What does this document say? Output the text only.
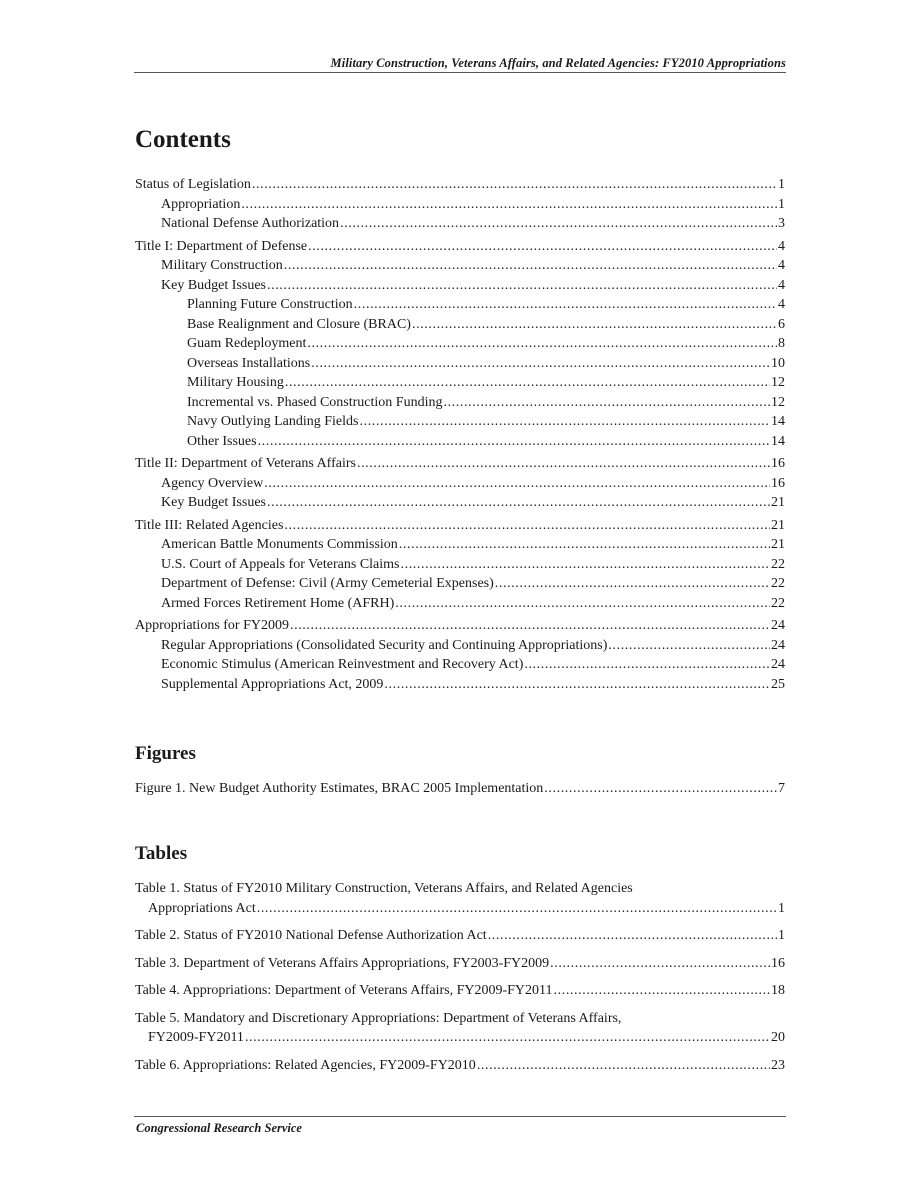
Military Construction, Veterans Affairs, and Related Agencies: FY2010 Appropriations
Contents
Status of Legislation .....	1
Appropriation .....	1
National Defense Authorization .....	3
Title I: Department of Defense .....	4
Military Construction .....	4
Key Budget Issues .....	4
Planning Future Construction .....	4
Base Realignment and Closure (BRAC) .....	6
Guam Redeployment .....	8
Overseas Installations .....	10
Military Housing .....	12
Incremental vs. Phased Construction Funding .....	12
Navy Outlying Landing Fields .....	14
Other Issues .....	14
Title II: Department of Veterans Affairs .....	16
Agency Overview .....	16
Key Budget Issues .....	21
Title III: Related Agencies .....	21
American Battle Monuments Commission .....	21
U.S. Court of Appeals for Veterans Claims .....	22
Department of Defense: Civil (Army Cemeterial Expenses) .....	22
Armed Forces Retirement Home (AFRH) .....	22
Appropriations for FY2009 .....	24
Regular Appropriations (Consolidated Security and Continuing Appropriations) .....	24
Economic Stimulus (American Reinvestment and Recovery Act) .....	24
Supplemental Appropriations Act, 2009 .....	25
Figures
Figure 1. New Budget Authority Estimates, BRAC 2005 Implementation .....	7
Tables
Table 1. Status of FY2010 Military Construction, Veterans Affairs, and Related Agencies
Appropriations Act .....	1
Table 2. Status of FY2010 National Defense Authorization Act .....	1
Table 3. Department of Veterans Affairs Appropriations, FY2003-FY2009 .....	16
Table 4. Appropriations: Department of Veterans Affairs, FY2009-FY2011 .....	18
Table 5. Mandatory and Discretionary Appropriations: Department of Veterans Affairs,
FY2009-FY2011 .....	20
Table 6. Appropriations: Related Agencies, FY2009-FY2010 .....	23
Congressional Research Service
